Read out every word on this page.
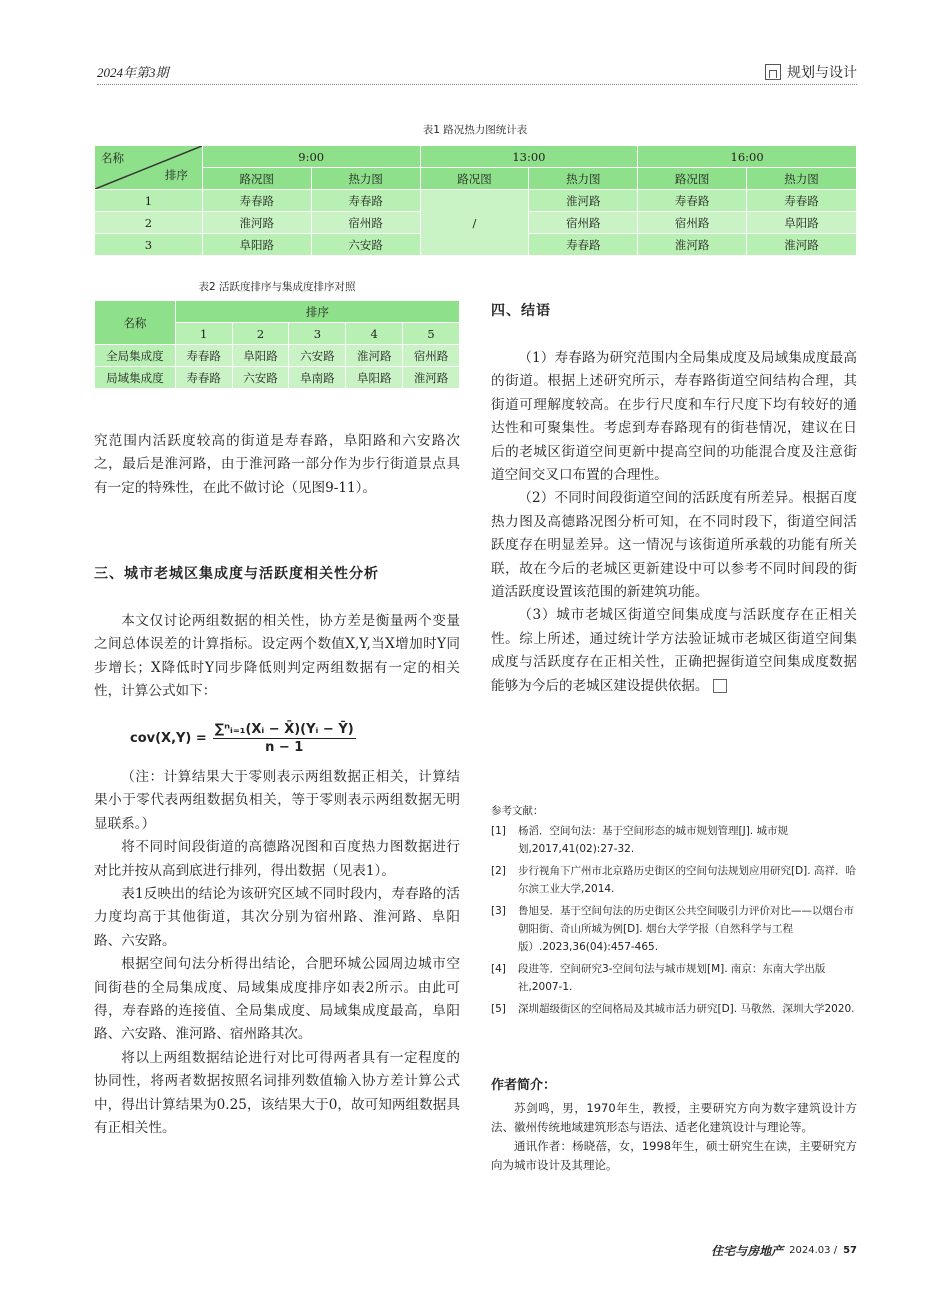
2024年第3期	规划与设计
表1 路况热力图统计表
名称
排序	9:00		13:00		16:00	
	路况图	热力图	路况图	热力图	路况图	热力图
1	寿春路	寿春路	/	淮河路	寿春路	寿春路
2	淮河路	宿州路		宿州路	宿州路	阜阳路
3	阜阳路	六安路		寿春路	淮河路	淮河路
表2 活跃度排序与集成度排序对照
名称	排序				
	1	2	3	4	5
全局集成度	寿春路	阜阳路	六安路	淮河路	宿州路
局域集成度	寿春路	六安路	阜南路	阜阳路	淮河路

究范围内活跃度较高的街道是寿春路，阜阳路和六安路次之，最后是淮河路，由于淮河路一部分作为步行街道景点具有一定的特殊性，在此不做讨论（见图9-11）。

三、城市老城区集成度与活跃度相关性分析

本文仅讨论两组数据的相关性，协方差是衡量两个变量之间总体误差的计算指标。设定两个数值X,Y,当X增加时Y同步增长；X降低时Y同步降低则判定两组数据有一定的相关性，计算公式如下：

$cov(X,Y) = \frac{\text{∑ⁿᵢ₌₁(Xᵢ − X̄)(Yᵢ − Ȳ)}}{n - 1}$

（注：计算结果大于零则表示两组数据正相关，计算结果小于零代表两组数据负相关，等于零则表示两组数据无明显联系。）

将不同时间段街道的高德路况图和百度热力图数据进行对比并按从高到底进行排列，得出数据（见表1）。

表1反映出的结论为该研究区域不同时段内，寿春路的活力度均高于其他街道，其次分别为宿州路、淮河路、阜阳路、六安路。

根据空间句法分析得出结论，合肥环城公园周边城市空间街巷的全局集成度、局域集成度排序如表2所示。由此可得，寿春路的连接值、全局集成度、局域集成度最高，阜阳路、六安路、淮河路、宿州路其次。

将以上两组数据结论进行对比可得两者具有一定程度的协同性，将两者数据按照名词排列数值输入协方差计算公式中，得出计算结果为0.25，该结果大于0，故可知两组数据具有正相关性。

四、结语

（1）寿春路为研究范围内全局集成度及局域集成度最高的街道。根据上述研究所示，寿春路街道空间结构合理，其街道可理解度较高。在步行尺度和车行尺度下均有较好的通达性和可聚集性。考虑到寿春路现有的街巷情况，建议在日后的老城区街道空间更新中提高空间的功能混合度及注意街道空间交叉口布置的合理性。

（2）不同时间段街道空间的活跃度有所差异。根据百度热力图及高德路况图分析可知，在不同时段下，街道空间活跃度存在明显差异。这一情况与该街道所承载的功能有所关联，故在今后的老城区更新建设中可以参考不同时间段的街道活跃度设置该范围的新建筑功能。

（3）城市老城区街道空间集成度与活跃度存在正相关性。综上所述，通过统计学方法验证城市老城区街道空间集成度与活跃度存在正相关性，正确把握街道空间集成度数据能够为今后的老城区建设提供依据。

参考文献：
[1]	杨滔．空间句法：基于空间形态的城市规划管理[J]. 城市规划,2017,41(02):27-32.
[2]	步行视角下广州市北京路历史街区的空间句法规划应用研究[D]. 高祥．哈尔滨工业大学,2014.
[3]	鲁旭旻．基于空间句法的历史街区公共空间吸引力评价对比——以烟台市朝阳街、奇山所城为例[D]. 烟台大学学报（自然科学与工程版）.2023,36(04):457-465.
[4]	段进等．空间研究3-空间句法与城市规划[M]. 南京：东南大学出版社,2007-1.
[5]	深圳超级街区的空间格局及其城市活力研究[D]. 马敬然．深圳大学2020.
作者简介：

苏剑鸣，男，1970年生，教授，主要研究方向为数字建筑设计方法、徽州传统地域建筑形态与语法、适老化建筑设计与理论等。

通讯作者：杨晓蓓，女，1998年生，硕士研究生在读，主要研究方向为城市设计及其理论。

住宅与房地产 2024.03 / 57
